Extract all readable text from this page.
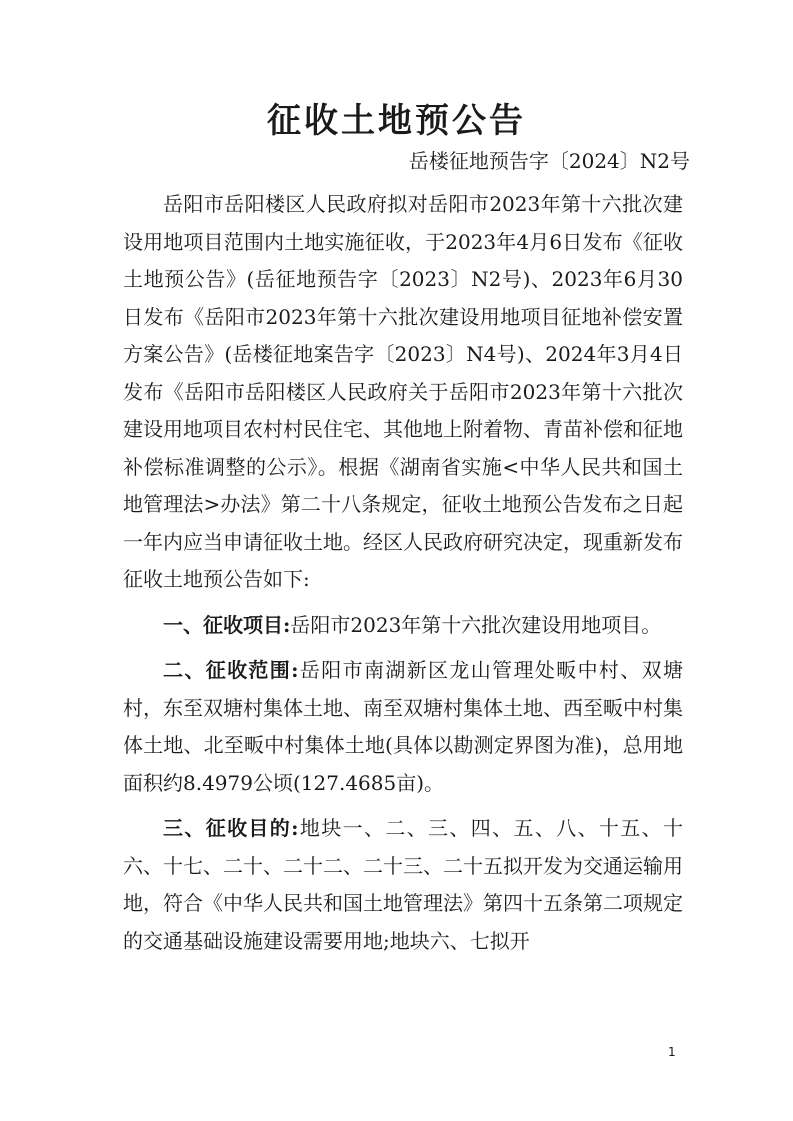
征收土地预公告

岳楼征地预告字〔2024〕N2号

岳阳市岳阳楼区人民政府拟对岳阳市2023年第十六批次建设用地项目范围内土地实施征收，于2023年4月6日发布《征收土地预公告》(岳征地预告字〔2023〕N2号)、2023年6月30日发布《岳阳市2023年第十六批次建设用地项目征地补偿安置方案公告》(岳楼征地案告字〔2023〕N4号)、2024年3月4日发布《岳阳市岳阳楼区人民政府关于岳阳市2023年第十六批次建设用地项目农村村民住宅、其他地上附着物、青苗补偿和征地补偿标准调整的公示》。根据《湖南省实施<中华人民共和国土地管理法>办法》第二十八条规定，征收土地预公告发布之日起一年内应当申请征收土地。经区人民政府研究决定，现重新发布征收土地预公告如下:

一、征收项目:岳阳市2023年第十六批次建设用地项目。

二、征收范围:岳阳市南湖新区龙山管理处畈中村、双塘村，东至双塘村集体土地、南至双塘村集体土地、西至畈中村集体土地、北至畈中村集体土地(具体以勘测定界图为准)，总用地面积约8.4979公顷(127.4685亩)。

三、征收目的:地块一、二、三、四、五、八、十五、十六、十七、二十、二十二、二十三、二十五拟开发为交通运输用地，符合《中华人民共和国土地管理法》第四十五条第二项规定的交通基础设施建设需要用地;地块六、七拟开

1
